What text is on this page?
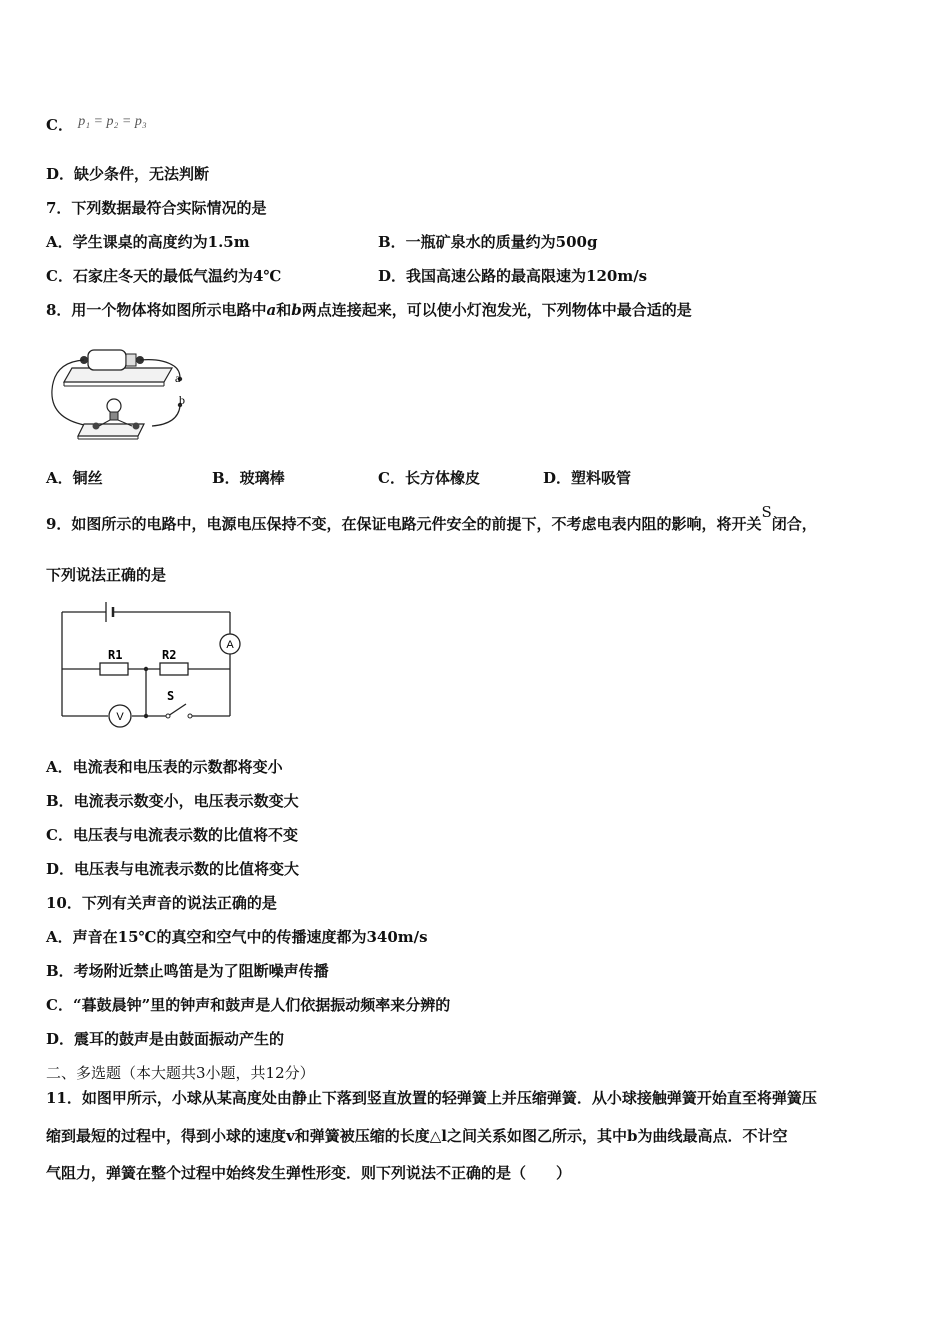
C． p₁ = p₂ = p₃
D．缺少条件，无法判断
7．下列数据最符合实际情况的是
A．学生课桌的高度约为1.5m	B．一瓶矿泉水的质量约为500g
C．石家庄冬天的最低气温约为4℃	D．我国高速公路的最高限速为120m/s
8．用一个物体将如图所示电路中a和b两点连接起来，可以使小灯泡发光，下列物体中最合适的是
a
b
A．铜丝	B．玻璃棒	C．长方体橡皮	D．塑料吸管
9．如图所示的电路中，电源电压保持不变，在保证电路元件安全的前提下，不考虑电表内阻的影响，将开关S闭合，
下列说法正确的是
A
V
R1	R2
S
A．电流表和电压表的示数都将变小
B．电流表示数变小，电压表示数变大
C．电压表与电流表示数的比值将不变
D．电压表与电流表示数的比值将变大
10．下列有关声音的说法正确的是
A．声音在15℃的真空和空气中的传播速度都为340m/s
B．考场附近禁止鸣笛是为了阻断噪声传播
C．“暮鼓晨钟”里的钟声和鼓声是人们依据振动频率来分辨的
D．震耳的鼓声是由鼓面振动产生的
二、多选题（本大题共3小题，共12分）
11．如图甲所示，小球从某高度处由静止下落到竖直放置的轻弹簧上并压缩弹簧．从小球接触弹簧开始直至将弹簧压
缩到最短的过程中，得到小球的速度v和弹簧被压缩的长度△l之间关系如图乙所示，其中b为曲线最高点．不计空
气阻力，弹簧在整个过程中始终发生弹性形变．则下列说法不正确的是（　　）
